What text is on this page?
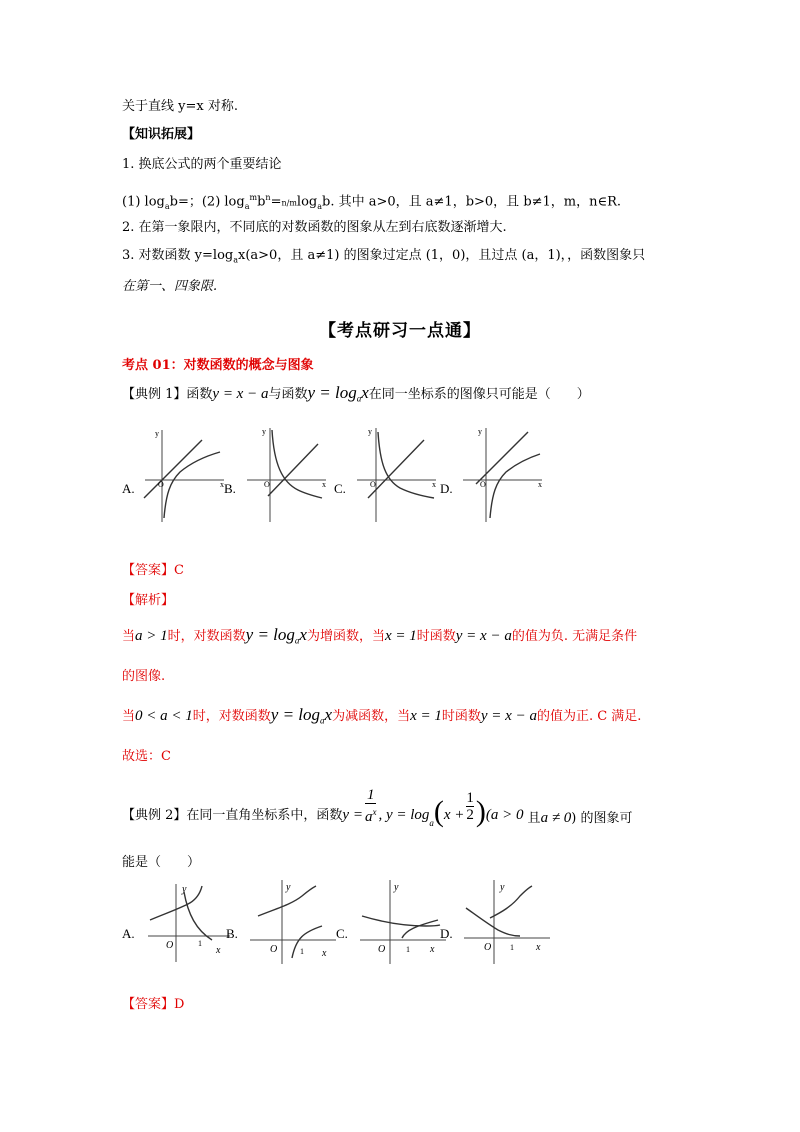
关于直线 y=x 对称.
【知识拓展】
1. 换底公式的两个重要结论
(1) $\log_ab=$；(2) $\log_a^mb^n=n/mlog_ab$. 其中 a>0，且 a≠1，b>0，且 b≠1，m，n∈R.
2. 在第一象限内，不同底的对数函数的图象从左到右底数逐渐增大.
3. 对数函数 $y=\log_ax(a>0$，且 a≠1) 的图象过定点 (1，0)，且过点 (a，1)，，函数图象只
在第一、四象限.
【考点研习一点通】
考点 01：对数函数的概念与图象
【典例 1】函数y = x − a与函数$y = \log_ax$在同一坐标系的图像只可能是（　　）
A.	O	x
y
B.	O	x
y
C.	O	x
y
D.	O	x
y
【答案】C
【解析】
当a > 1时，对数函数$y = \log_ax$为增函数，当x = 1时函数y = x − a的值为负. 无满足条件
的图像.
当0 < a < 1时，对数函数$y = \log_ax$为减函数，当x = 1时函数y = x − a的值为正. C 满足.
故选：C
【典例 2】在同一直角坐标系中，函数$y = \frac{1}{a^x}$ , $y = \log_a(x + \frac{1}{2} )(a > 0$ 且a ≠ 0) 的图象可
能是（　　）
A.
O	1
x
y
B.
O	1 x
y
C.
O	1 x
y
D.
O 1 x
y
【答案】D
